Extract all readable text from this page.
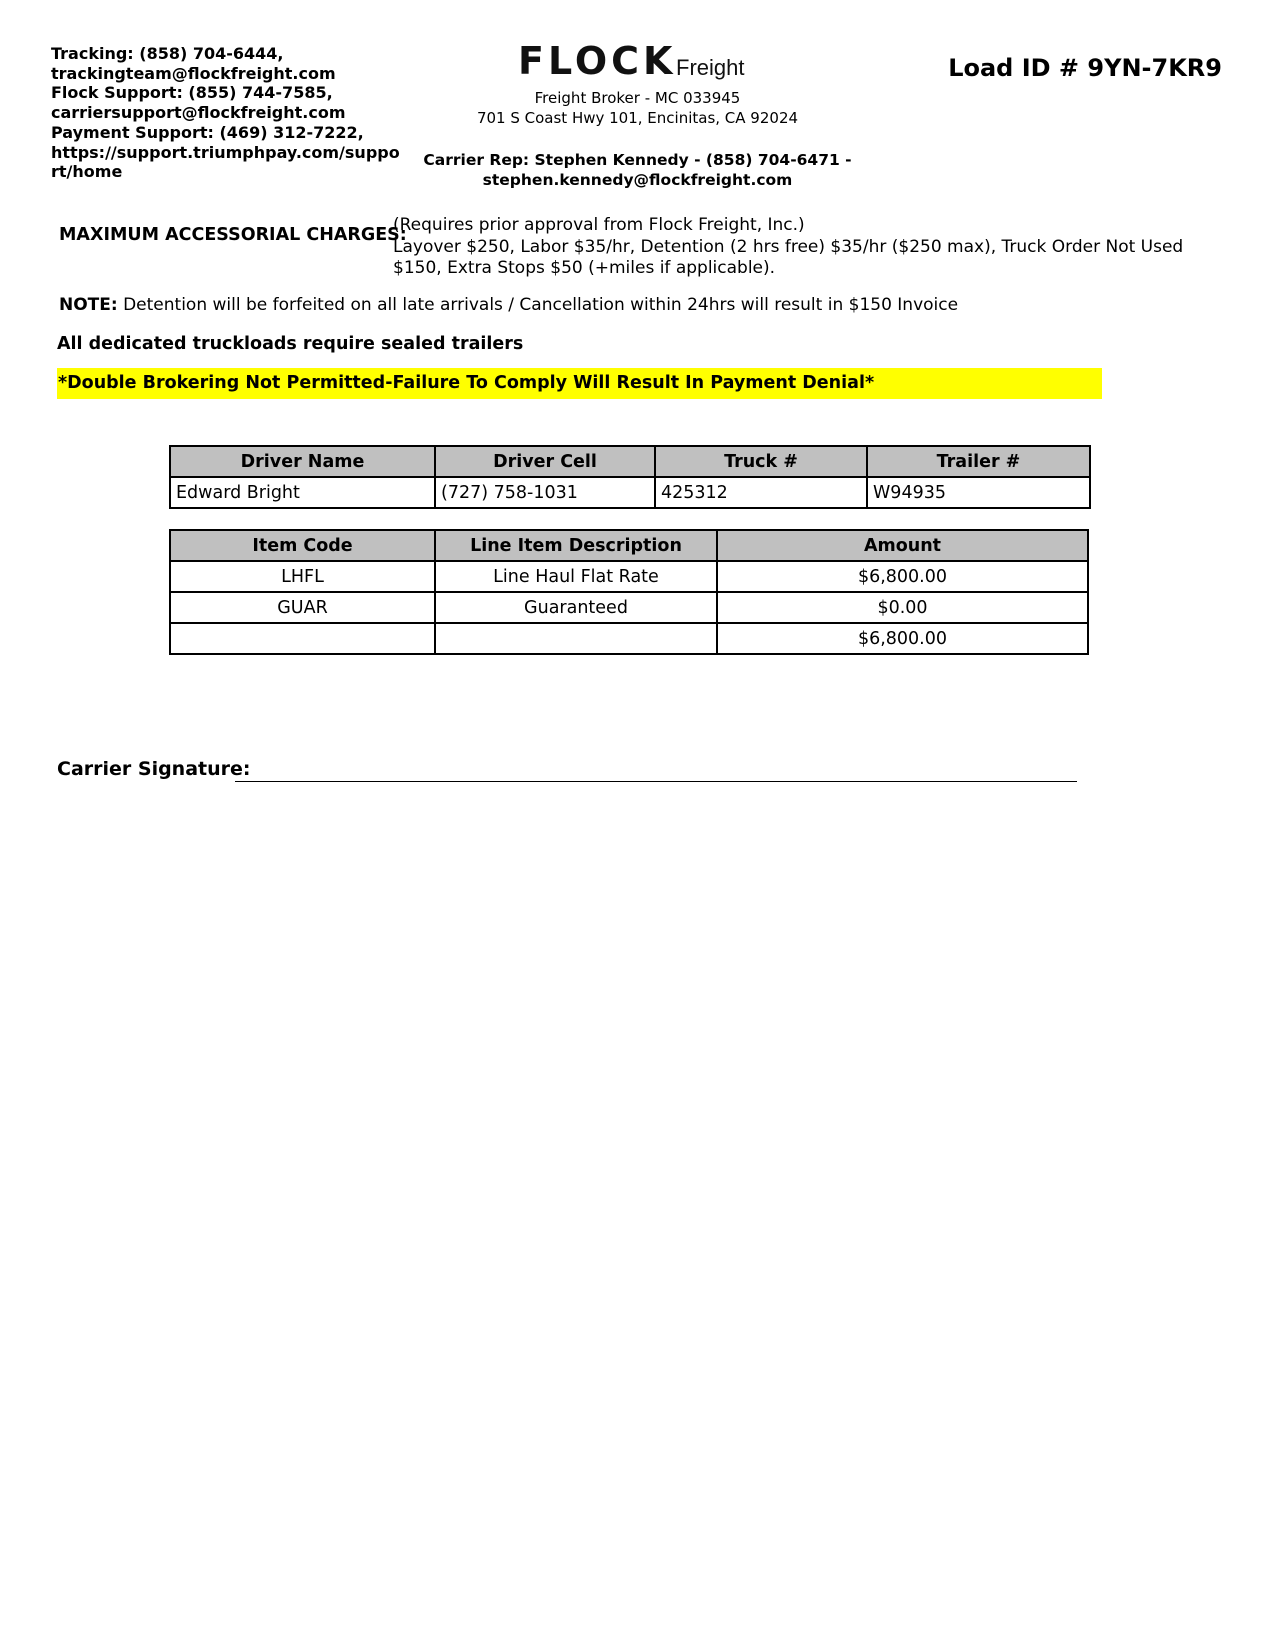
Tracking: (858) 704-6444,
trackingteam@flockfreight.com
Flock Support: (855) 744-7585,
carriersupport@flockfreight.com
Payment Support: (469) 312-7222,
https://support.triumphpay.com/suppo
rt/home
FLOCK Freight
Freight Broker - MC 033945
701 S Coast Hwy 101, Encinitas, CA 92024
Carrier Rep: Stephen Kennedy - (858) 704-6471 -
stephen.kennedy@flockfreight.com
Load ID # 9YN-7KR9
MAXIMUM ACCESSORIAL CHARGES:
(Requires prior approval from Flock Freight, Inc.)
Layover $250, Labor $35/hr, Detention (2 hrs free) $35/hr ($250 max), Truck Order Not Used $150, Extra Stops $50 (+miles if applicable).
NOTE: Detention will be forfeited on all late arrivals / Cancellation within 24hrs will result in $150 Invoice
All dedicated truckloads require sealed trailers
*Double Brokering Not Permitted-Failure To Comply Will Result In Payment Denial*
Driver Name	Driver Cell	Truck #	Trailer #
Edward Bright	(727) 758-1031	425312	W94935
Item Code	Line Item Description	Amount
LHFL	Line Haul Flat Rate	$6,800.00
GUAR	Guaranteed	$0.00
		$6,800.00
Carrier Signature:
